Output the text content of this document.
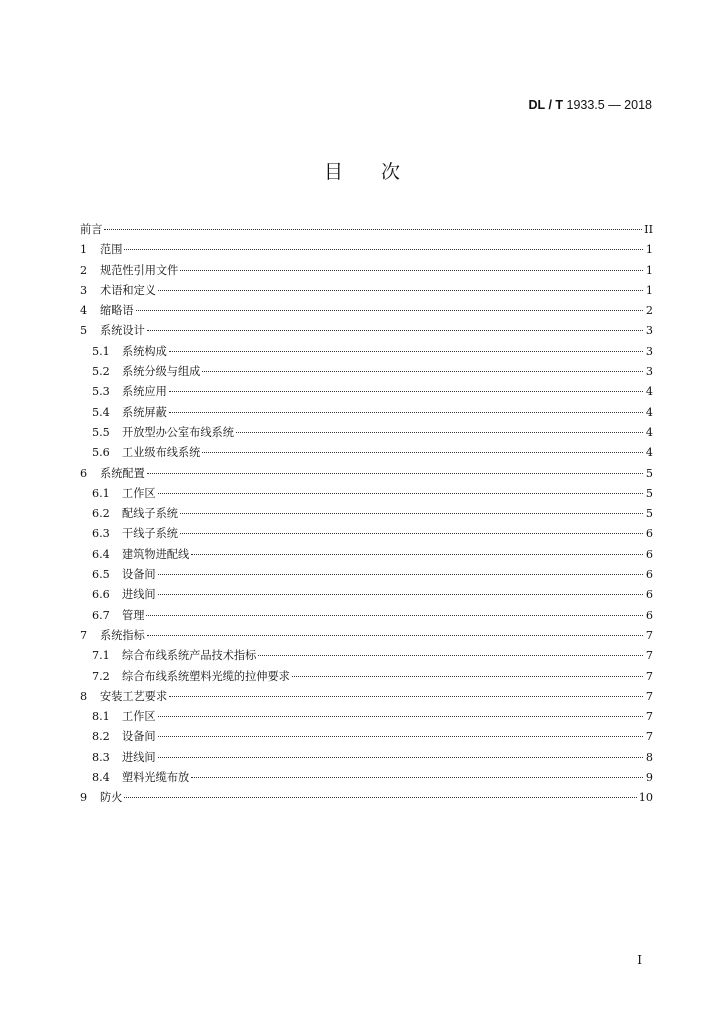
DL / T 1933.5 — 2018
目次
前言	II
1	范围	1
2	规范性引用文件	1
3	术语和定义	1
4	缩略语	2
5	系统设计	3
5.1	系统构成	3
5.2	系统分级与组成	3
5.3	系统应用	4
5.4	系统屏蔽	4
5.5	开放型办公室布线系统	4
5.6	工业级布线系统	4
6	系统配置	5
6.1	工作区	5
6.2	配线子系统	5
6.3	干线子系统	6
6.4	建筑物进配线	6
6.5	设备间	6
6.6	进线间	6
6.7	管理	6
7	系统指标	7
7.1	综合布线系统产品技术指标	7
7.2	综合布线系统塑料光缆的拉伸要求	7
8	安装工艺要求	7
8.1	工作区	7
8.2	设备间	7
8.3	进线间	8
8.4	塑料光缆布放	9
9	防火	10
I
